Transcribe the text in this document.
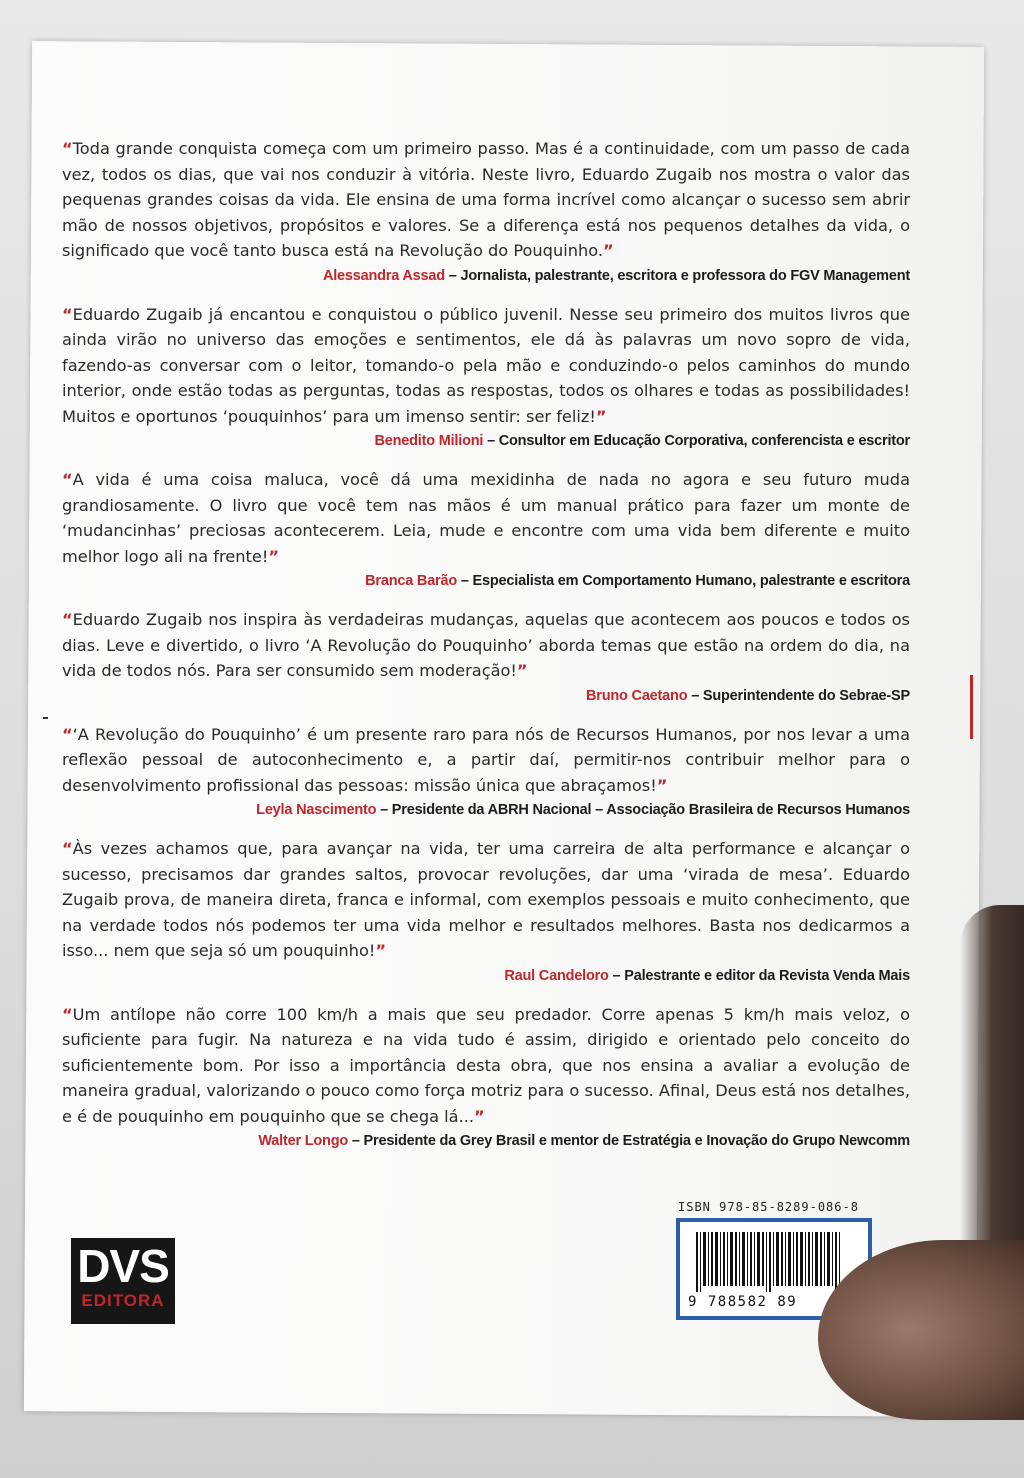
“Toda grande conquista começa com um primeiro passo. Mas é a continuidade, com um passo de cada vez, todos os dias, que vai nos conduzir à vitória. Neste livro, Eduardo Zugaib nos mostra o valor das pequenas grandes coisas da vida. Ele ensina de uma forma incrível como alcançar o sucesso sem abrir mão de nossos objetivos, propósitos e valores. Se a diferença está nos pequenos detalhes da vida, o significado que você tanto busca está na Revolução do Pouquinho.”

Alessandra Assad – Jornalista, palestrante, escritora e professora do FGV Management

“Eduardo Zugaib já encantou e conquistou o público juvenil. Nesse seu primeiro dos muitos livros que ainda virão no universo das emoções e sentimentos, ele dá às palavras um novo sopro de vida, fazendo-as conversar com o leitor, tomando-o pela mão e conduzindo-o pelos caminhos do mundo interior, onde estão todas as perguntas, todas as respostas, todos os olhares e todas as possibilidades! Muitos e oportunos ‘pouquinhos’ para um imenso sentir: ser feliz!”

Benedito Milioni – Consultor em Educação Corporativa, conferencista e escritor

“A vida é uma coisa maluca, você dá uma mexidinha de nada no agora e seu futuro muda grandiosamente. O livro que você tem nas mãos é um manual prático para fazer um monte de ‘mudancinhas’ preciosas acontecerem. Leia, mude e encontre com uma vida bem diferente e muito melhor logo ali na frente!”

Branca Barão – Especialista em Comportamento Humano, palestrante e escritora

“Eduardo Zugaib nos inspira às verdadeiras mudanças, aquelas que acontecem aos poucos e todos os dias. Leve e divertido, o livro ‘A Revolução do Pouquinho’ aborda temas que estão na ordem do dia, na vida de todos nós. Para ser consumido sem moderação!”

Bruno Caetano – Superintendente do Sebrae-SP

“‘A Revolução do Pouquinho’ é um presente raro para nós de Recursos Humanos, por nos levar a uma reflexão pessoal de autoconhecimento e, a partir daí, permitir-nos contribuir melhor para o desenvolvimento profissional das pessoas: missão única que abraçamos!”

Leyla Nascimento – Presidente da ABRH Nacional – Associação Brasileira de Recursos Humanos

“Às vezes achamos que, para avançar na vida, ter uma carreira de alta performance e alcançar o sucesso, precisamos dar grandes saltos, provocar revoluções, dar uma ‘virada de mesa’. Eduardo Zugaib prova, de maneira direta, franca e informal, com exemplos pessoais e muito conhecimento, que na verdade todos nós podemos ter uma vida melhor e resultados melhores. Basta nos dedicarmos a isso... nem que seja só um pouquinho!”

Raul Candeloro – Palestrante e editor da Revista Venda Mais

“Um antílope não corre 100 km/h a mais que seu predador. Corre apenas 5 km/h mais veloz, o suficiente para fugir. Na natureza e na vida tudo é assim, dirigido e orientado pelo conceito do suficientemente bom. Por isso a importância desta obra, que nos ensina a avaliar a evolução de maneira gradual, valorizando o pouco como força motriz para o sucesso. Afinal, Deus está nos detalhes, e é de pouquinho em pouquinho que se chega lá...”

Walter Longo – Presidente da Grey Brasil e mentor de Estratégia e Inovação do Grupo Newcomm
DVS
EDITORA
ISBN 978-85-8289-086-8
9 788582 89
